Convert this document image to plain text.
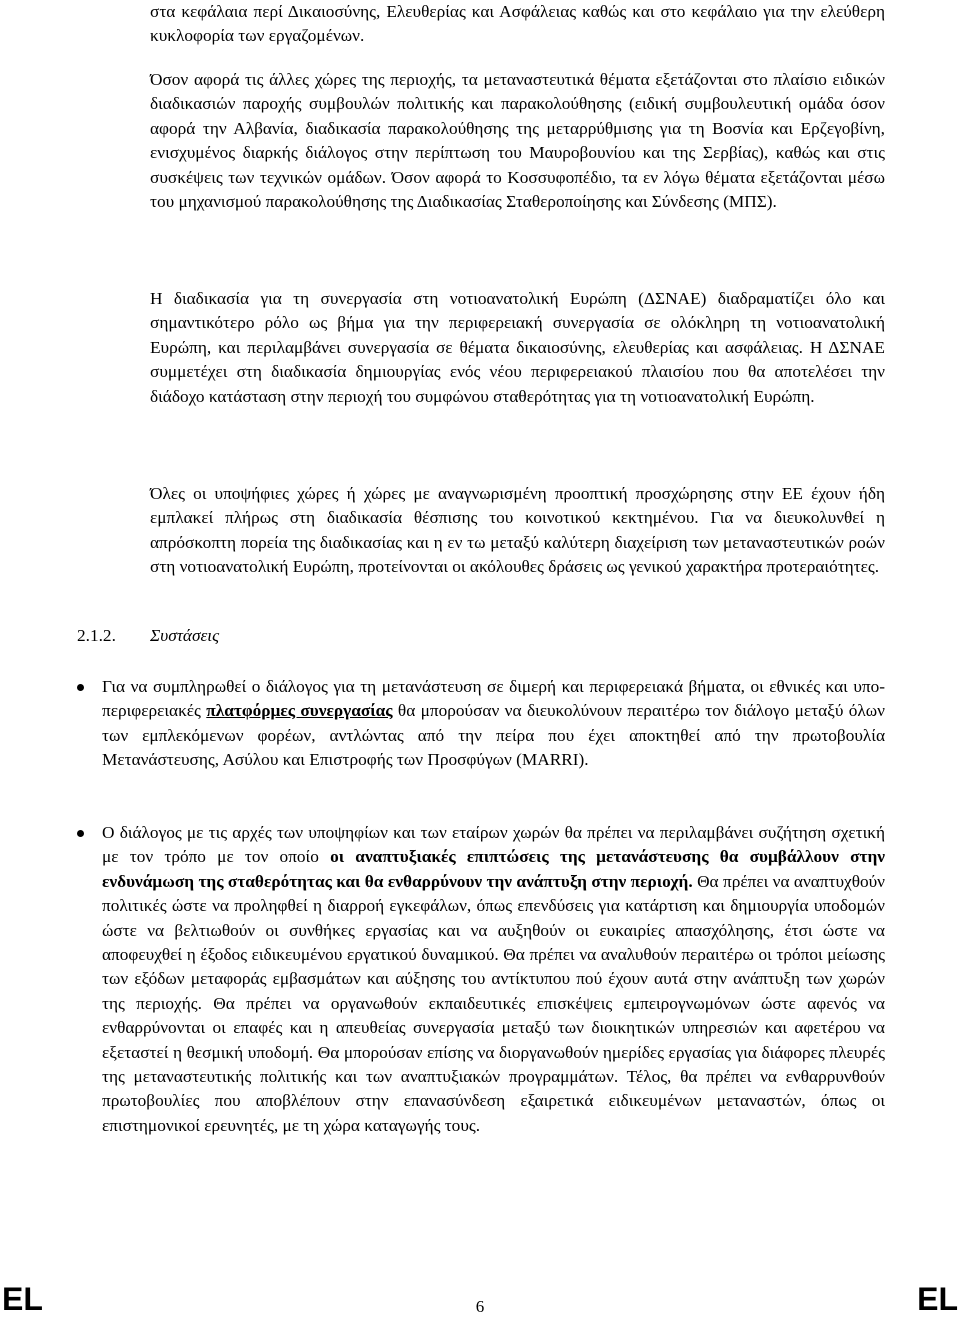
στα κεφάλαια περί Δικαιοσύνης, Ελευθερίας και Ασφάλειας καθώς και στο κεφάλαιο για την ελεύθερη κυκλοφορία των εργαζομένων.

Όσον αφορά τις άλλες χώρες της περιοχής, τα μεταναστευτικά θέματα εξετάζονται στο πλαίσιο ειδικών διαδικασιών παροχής συμβουλών πολιτικής και παρακολούθησης (ειδική συμβουλευτική ομάδα όσον αφορά την Αλβανία, διαδικασία παρακολούθησης της μεταρρύθμισης για τη Βοσνία και Ερζεγοβίνη, ενισχυμένος διαρκής διάλογος στην περίπτωση του Μαυροβουνίου και της Σερβίας), καθώς και στις συσκέψεις των τεχνικών ομάδων. Όσον αφορά το Κοσσυφοπέδιο, τα εν λόγω θέματα εξετάζονται μέσω του μηχανισμού παρακολούθησης της Διαδικασίας Σταθεροποίησης και Σύνδεσης (ΜΠΣ).

Η διαδικασία για τη συνεργασία στη νοτιοανατολική Ευρώπη (ΔΣΝΑΕ) διαδραματίζει όλο και σημαντικότερο ρόλο ως βήμα για την περιφερειακή συνεργασία σε ολόκληρη τη νοτιοανατολική Ευρώπη, και περιλαμβάνει συνεργασία σε θέματα δικαιοσύνης, ελευθερίας και ασφάλειας. Η ΔΣΝΑΕ συμμετέχει στη διαδικασία δημιουργίας ενός νέου περιφερειακού πλαισίου που θα αποτελέσει την διάδοχο κατάσταση στην περιοχή του συμφώνου σταθερότητας για τη νοτιοανατολική Ευρώπη.

Όλες οι υποψήφιες χώρες ή χώρες με αναγνωρισμένη προοπτική προσχώρησης στην ΕΕ έχουν ήδη εμπλακεί πλήρως στη διαδικασία θέσπισης του κοινοτικού κεκτημένου. Για να διευκολυνθεί η απρόσκοπτη πορεία της διαδικασίας και η εν τω μεταξύ καλύτερη διαχείριση των μεταναστευτικών ροών στη νοτιοανατολική Ευρώπη, προτείνονται οι ακόλουθες δράσεις ως γενικού χαρακτήρα προτεραιότητες.

2.1.2. Συστάσεις

Για να συμπληρωθεί ο διάλογος για τη μετανάστευση σε διμερή και περιφερειακά βήματα, οι εθνικές και υπο-περιφερειακές πλατφόρμες συνεργασίας θα μπορούσαν να διευκολύνουν περαιτέρω τον διάλογο μεταξύ όλων των εμπλεκόμενων φορέων, αντλώντας από την πείρα που έχει αποκτηθεί από την πρωτοβουλία Μετανάστευσης, Ασύλου και Επιστροφής των Προσφύγων (MARRI).

Ο διάλογος με τις αρχές των υποψηφίων και των εταίρων χωρών θα πρέπει να περιλαμβάνει συζήτηση σχετική με τον τρόπο με τον οποίο οι αναπτυξιακές επιπτώσεις της μετανάστευσης θα συμβάλλουν στην ενδυνάμωση της σταθερότητας και θα ενθαρρύνουν την ανάπτυξη στην περιοχή. Θα πρέπει να αναπτυχθούν πολιτικές ώστε να προληφθεί η διαρροή εγκεφάλων, όπως επενδύσεις για κατάρτιση και δημιουργία υποδομών ώστε να βελτιωθούν οι συνθήκες εργασίας και να αυξηθούν οι ευκαιρίες απασχόλησης, έτσι ώστε να αποφευχθεί η έξοδος ειδικευμένου εργατικού δυναμικού. Θα πρέπει να αναλυθούν περαιτέρω οι τρόποι μείωσης των εξόδων μεταφοράς εμβασμάτων και αύξησης του αντίκτυπου πού έχουν αυτά στην ανάπτυξη των χωρών της περιοχής. Θα πρέπει να οργανωθούν εκπαιδευτικές επισκέψεις εμπειρογνωμόνων ώστε αφενός να ενθαρρύνονται οι επαφές και η απευθείας συνεργασία μεταξύ των διοικητικών υπηρεσιών και αφετέρου να εξεταστεί η θεσμική υποδομή. Θα μπορούσαν επίσης να διοργανωθούν ημερίδες εργασίας για διάφορες πλευρές της μεταναστευτικής πολιτικής και των αναπτυξιακών προγραμμάτων. Τέλος, θα πρέπει να ενθαρρυνθούν πρωτοβουλίες που αποβλέπουν στην επανασύνδεση εξαιρετικά ειδικευμένων μεταναστών, όπως οι επιστημονικοί ερευνητές, με τη χώρα καταγωγής τους.

EL	6	EL
